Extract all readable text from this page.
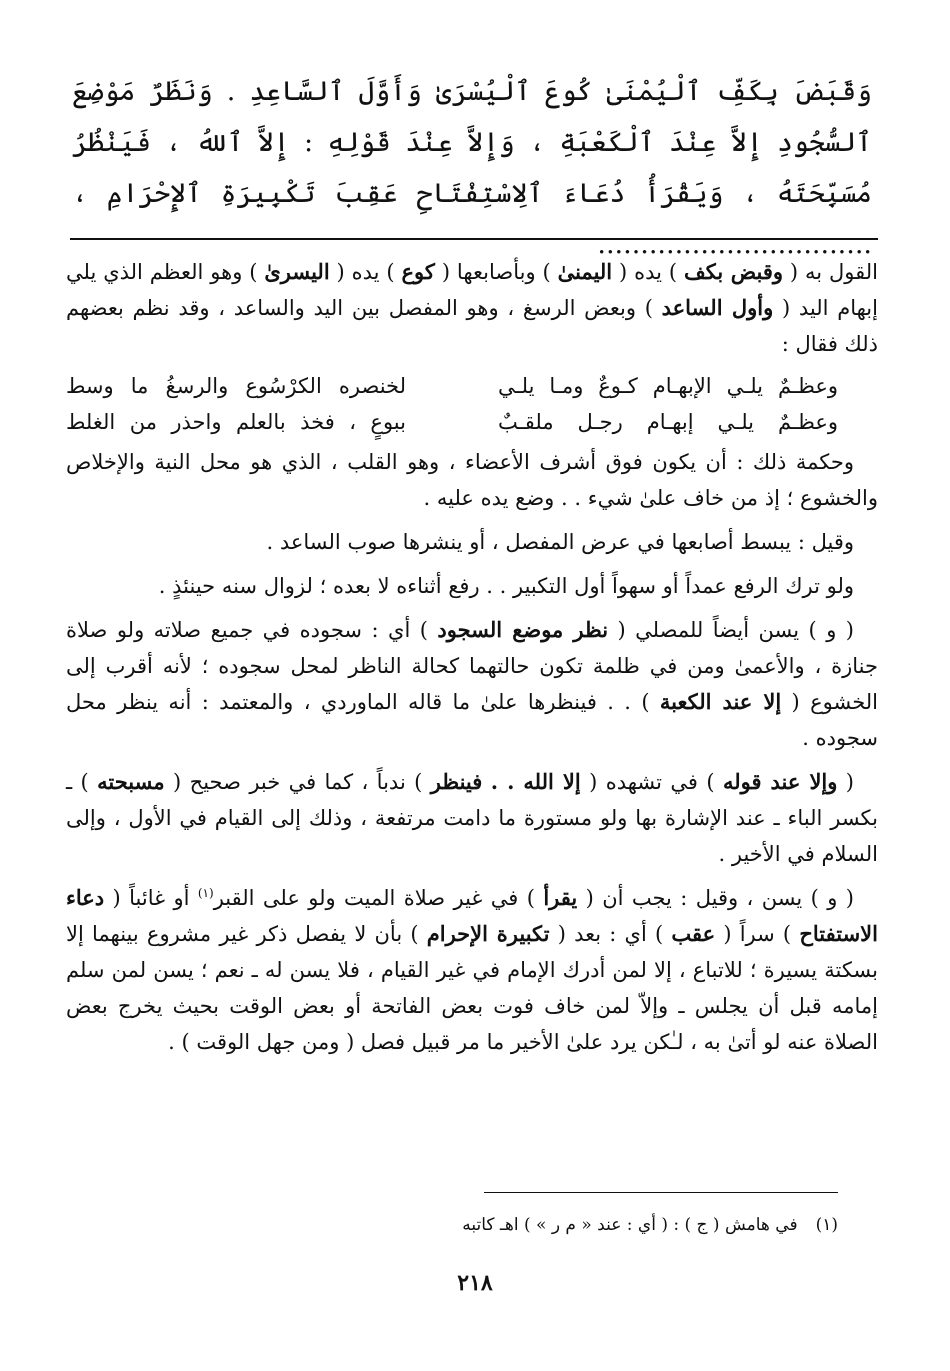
وَقَبَضَ بِكَفِّ ٱلْيُمْنَىٰ كُوعَ ٱلْيُسْرَىٰ وَأَوَّلَ ٱلسَّاعِدِ . وَنَظَرٌ مَوْضِعَ ٱلسُّجُودِ إِلاَّ عِنْدَ ٱلْكَعْبَةِ ، وَإِلاَّ عِنْدَ قَوْلِهِ : إِلاَّ ٱللهُ ، فَيَنْظُرُ مُسَبِّحَتَهُ ، وَيَقْرَأُ دُعَاءَ ٱلِاسْتِفْتَاحِ عَقِبَ تَكْبِيرَةِ ٱلإِحْرَامِ ، ................................

القول به ( وقبض بكف ) يده ( اليمنىٰ ) وبأصابعها ( كوع ) يده ( اليسرىٰ ) وهو العظم الذي يلي إبهام اليد ( وأول الساعد ) وبعض الرسغ ، وهو المفصل بين اليد والساعد ، وقد نظم بعضهم ذلك فقال :

وعظـمٌ يلـي الإبهـام كـوعٌ ومـا يلـي
لخنصره الكرْسُوع والرسغُ ما وسط
وعظـمٌ يلـي إبهـام رجـل ملقـبٌ
ببوعٍ ، فخذ بالعلم واحذر من الغلط

وحكمة ذلك : أن يكون فوق أشرف الأعضاء ، وهو القلب ، الذي هو محل النية والإخلاص والخشوع ؛ إذ من خاف علىٰ شيء . . وضع يده عليه .

وقيل : يبسط أصابعها في عرض المفصل ، أو ينشرها صوب الساعد .

ولو ترك الرفع عمداً أو سهواً أول التكبير . . رفع أثناءه لا بعده ؛ لزوال سنه حينئذٍ .

( و ) يسن أيضاً للمصلي ( نظر موضع السجود ) أي : سجوده في جميع صلاته ولو صلاة جنازة ، والأعمىٰ ومن في ظلمة تكون حالتهما كحالة الناظر لمحل سجوده ؛ لأنه أقرب إلى الخشوع ( إلا عند الكعبة ) . . فينظرها علىٰ ما قاله الماوردي ، والمعتمد : أنه ينظر محل سجوده .

( وإلا عند قوله ) في تشهده ( إلا الله . . فينظر ) ندباً ، كما في خبر صحيح ( مسبحته ) ـ بكسر الباء ـ عند الإشارة بها ولو مستورة ما دامت مرتفعة ، وذلك إلى القيام في الأول ، وإلى السلام في الأخير .

( و ) يسن ، وقيل : يجب أن ( يقرأ ) في غير صلاة الميت ولو على القبر$^{(١)}$ أو غائباً ( دعاء الاستفتاح ) سراً ( عقب ) أي : بعد ( تكبيرة الإحرام ) بأن لا يفصل ذكر غير مشروع بينهما إلا بسكتة يسيرة ؛ للاتباع ، إلا لمن أدرك الإمام في غير القيام ، فلا يسن له ـ نعم ؛ يسن لمن سلم إمامه قبل أن يجلس ـ وإلاّ لمن خاف فوت بعض الفاتحة أو بعض الوقت بحيث يخرج بعض الصلاة عنه لو أتىٰ به ، لـٰكن يرد علىٰ الأخير ما مر قبيل فصل ( ومن جهل الوقت ) .

(١)في هامش ( ج ) : ( أي : عند « م ر » ) اهـ كاتبه
٢١٨
